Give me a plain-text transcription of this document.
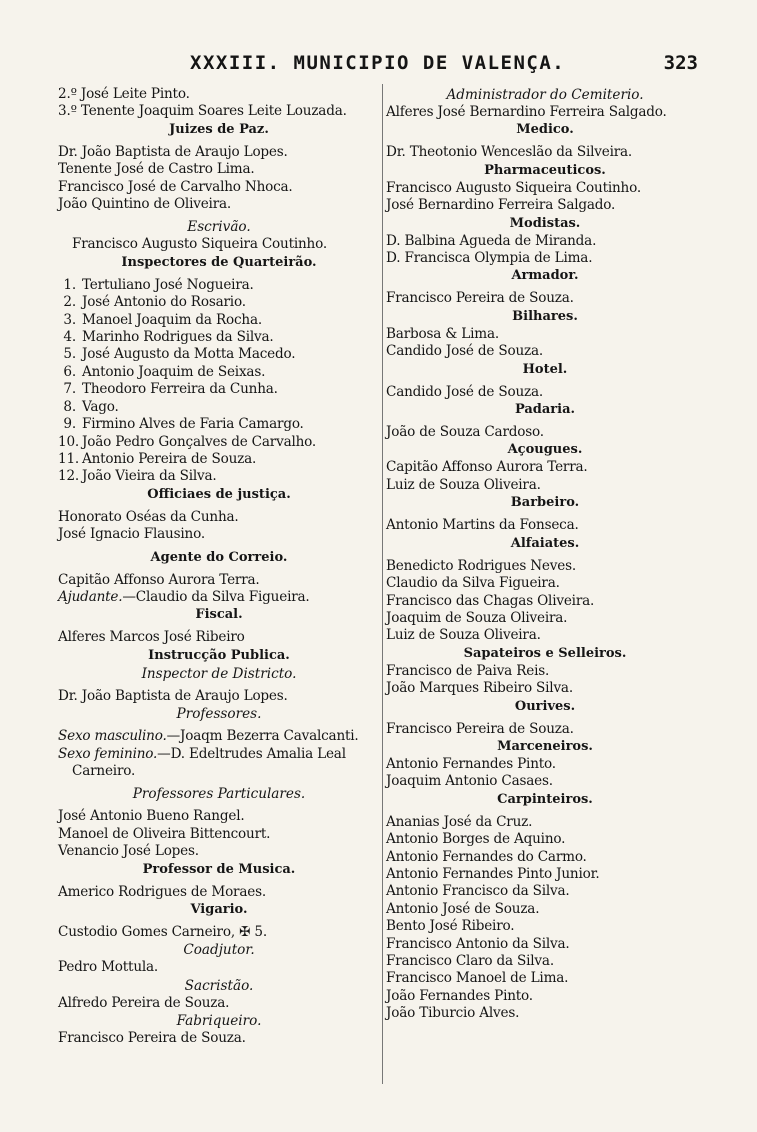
XXXIII. MUNICIPIO DE VALENÇA.	323
2.º José Leite Pinto.
3.º Tenente Joaquim Soares Leite Louzada.
Juizes de Paz.
Dr. João Baptista de Araujo Lopes.
Tenente José de Castro Lima.
Francisco José de Carvalho Nhoca.
João Quintino de Oliveira.
Escrivão.
Francisco Augusto Siqueira Coutinho.
Inspectores de Quarteirão.
1. Tertuliano José Nogueira.
2. José Antonio do Rosario.
3. Manoel Joaquim da Rocha.
4. Marinho Rodrigues da Silva.
5. José Augusto da Motta Macedo.
6. Antonio Joaquim de Seixas.
7. Theodoro Ferreira da Cunha.
8. Vago.
9. Firmino Alves de Faria Camargo.
10. João Pedro Gonçalves de Carvalho.
11. Antonio Pereira de Souza.
12. João Vieira da Silva.
Officiaes de justiça.
Honorato Oséas da Cunha.
José Ignacio Flausino.
Agente do Correio.
Capitão Affonso Aurora Terra.
Ajudante.—Claudio da Silva Figueira.
Fiscal.
Alferes Marcos José Ribeiro
Instrucção Publica.
Inspector de Districto.
Dr. João Baptista de Araujo Lopes.
Professores.
Sexo masculino.—Joaqm Bezerra Cavalcanti.
Sexo feminino.—D. Edeltrudes Amalia Leal
Carneiro.
Professores Particulares.
José Antonio Bueno Rangel.
Manoel de Oliveira Bittencourt.
Venancio José Lopes.
Professor de Musica.
Americo Rodrigues de Moraes.
Vigario.
Custodio Gomes Carneiro, ✠ 5.
Coadjutor.
Pedro Mottula.
Sacristão.
Alfredo Pereira de Souza.
Fabriqueiro.
Francisco Pereira de Souza.
Administrador do Cemiterio.
Alferes José Bernardino Ferreira Salgado.
Medico.
Dr. Theotonio Wenceslão da Silveira.
Pharmaceuticos.
Francisco Augusto Siqueira Coutinho.
José Bernardino Ferreira Salgado.
Modistas.
D. Balbina Agueda de Miranda.
D. Francisca Olympia de Lima.
Armador.
Francisco Pereira de Souza.
Bilhares.
Barbosa & Lima.
Candido José de Souza.
Hotel.
Candido José de Souza.
Padaria.
João de Souza Cardoso.
Açougues.
Capitão Affonso Aurora Terra.
Luiz de Souza Oliveira.
Barbeiro.
Antonio Martins da Fonseca.
Alfaiates.
Benedicto Rodrigues Neves.
Claudio da Silva Figueira.
Francisco das Chagas Oliveira.
Joaquim de Souza Oliveira.
Luiz de Souza Oliveira.
Sapateiros e Selleiros.
Francisco de Paiva Reis.
João Marques Ribeiro Silva.
Ourives.
Francisco Pereira de Souza.
Marceneiros.
Antonio Fernandes Pinto.
Joaquim Antonio Casaes.
Carpinteiros.
Ananias José da Cruz.
Antonio Borges de Aquino.
Antonio Fernandes do Carmo.
Antonio Fernandes Pinto Junior.
Antonio Francisco da Silva.
Antonio José de Souza.
Bento José Ribeiro.
Francisco Antonio da Silva.
Francisco Claro da Silva.
Francisco Manoel de Lima.
João Fernandes Pinto.
João Tiburcio Alves.
